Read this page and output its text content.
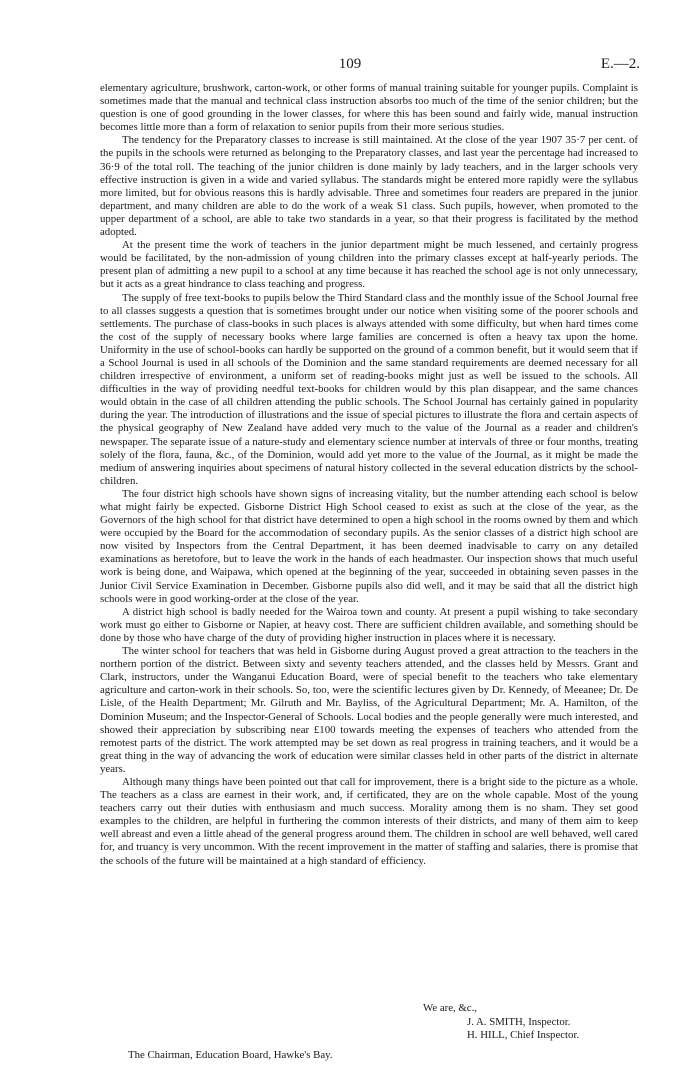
109	E.—2.

elementary agriculture, brushwork, carton-work, or other forms of manual training suitable for younger pupils. Complaint is sometimes made that the manual and technical class instruction absorbs too much of the time of the senior children; but the question is one of good grounding in the lower classes, for where this has been sound and fairly wide, manual instruction becomes little more than a form of relaxation to senior pupils from their more serious studies.

The tendency for the Preparatory classes to increase is still maintained. At the close of the year 1907 35·7 per cent. of the pupils in the schools were returned as belonging to the Preparatory classes, and last year the percentage had increased to 36·9 of the total roll. The teaching of the junior children is done mainly by lady teachers, and in the larger schools very effective instruction is given in a wide and varied syllabus. The standards might be entered more rapidly were the syllabus more limited, but for obvious reasons this is hardly advisable. Three and sometimes four readers are prepared in the junior department, and many children are able to do the work of a weak S1 class. Such pupils, however, when promoted to the upper department of a school, are able to take two standards in a year, so that their progress is facilitated by the method adopted.

At the present time the work of teachers in the junior department might be much lessened, and certainly progress would be facilitated, by the non-admission of young children into the primary classes except at half-yearly periods. The present plan of admitting a new pupil to a school at any time because it has reached the school age is not only unnecessary, but it acts as a great hindrance to class teaching and progress.

The supply of free text-books to pupils below the Third Standard class and the monthly issue of the School Journal free to all classes suggests a question that is sometimes brought under our notice when visiting some of the poorer schools and settlements. The purchase of class-books in such places is always attended with some difficulty, but when hard times come the cost of the supply of necessary books where large families are concerned is often a heavy tax upon the home. Uniformity in the use of school-books can hardly be supported on the ground of a common benefit, but it would seem that if a School Journal is used in all schools of the Dominion and the same standard requirements are deemed necessary for all children irrespective of environment, a uniform set of reading-books might just as well be issued to the schools. All difficulties in the way of providing needful text-books for children would by this plan disappear, and the same chances would obtain in the case of all children attending the public schools. The School Journal has certainly gained in popularity during the year. The introduction of illustrations and the issue of special pictures to illustrate the flora and certain aspects of the physical geography of New Zealand have added very much to the value of the Journal as a reader and children's newspaper. The separate issue of a nature-study and elementary science number at intervals of three or four months, treating solely of the flora, fauna, &c., of the Dominion, would add yet more to the value of the Journal, as it might be made the medium of answering inquiries about specimens of natural history collected in the several education districts by the school-children.

The four district high schools have shown signs of increasing vitality, but the number attending each school is below what might fairly be expected. Gisborne District High School ceased to exist as such at the close of the year, as the Governors of the high school for that district have determined to open a high school in the rooms owned by them and which were occupied by the Board for the accommodation of secondary pupils. As the senior classes of a district high school are now visited by Inspectors from the Central Department, it has been deemed inadvisable to carry on any detailed examinations as heretofore, but to leave the work in the hands of each headmaster. Our inspection shows that much useful work is being done, and Waipawa, which opened at the beginning of the year, succeeded in obtaining seven passes in the Junior Civil Service Examination in December. Gisborne pupils also did well, and it may be said that all the district high schools were in good working-order at the close of the year.

A district high school is badly needed for the Wairoa town and county. At present a pupil wishing to take secondary work must go either to Gisborne or Napier, at heavy cost. There are sufficient children available, and something should be done by those who have charge of the duty of providing higher instruction in places where it is necessary.

The winter school for teachers that was held in Gisborne during August proved a great attraction to the teachers in the northern portion of the district. Between sixty and seventy teachers attended, and the classes held by Messrs. Grant and Clark, instructors, under the Wanganui Education Board, were of special benefit to the teachers who take elementary agriculture and carton-work in their schools. So, too, were the scientific lectures given by Dr. Kennedy, of Meeanee; Dr. De Lisle, of the Health Department; Mr. Gilruth and Mr. Bayliss, of the Agricultural Department; Mr. A. Hamilton, of the Dominion Museum; and the Inspector-General of Schools. Local bodies and the people generally were much interested, and showed their appreciation by subscribing near £100 towards meeting the expenses of teachers who attended from the remotest parts of the district. The work attempted may be set down as real progress in training teachers, and it would be a great thing in the way of advancing the work of education were similar classes held in other parts of the district in alternate years.

Although many things have been pointed out that call for improvement, there is a bright side to the picture as a whole. The teachers as a class are earnest in their work, and, if certificated, they are on the whole capable. Most of the young teachers carry out their duties with enthusiasm and much success. Morality among them is no sham. They set good examples to the children, are helpful in furthering the common interests of their districts, and many of them aim to keep well abreast and even a little ahead of the general progress around them. The children in school are well behaved, well cared for, and truancy is very uncommon. With the recent improvement in the matter of staffing and salaries, there is promise that the schools of the future will be maintained at a high standard of efficiency.

We are, &c.,
J. A. SMITH, Inspector.
H. HILL, Chief Inspector.
The Chairman, Education Board, Hawke's Bay.
